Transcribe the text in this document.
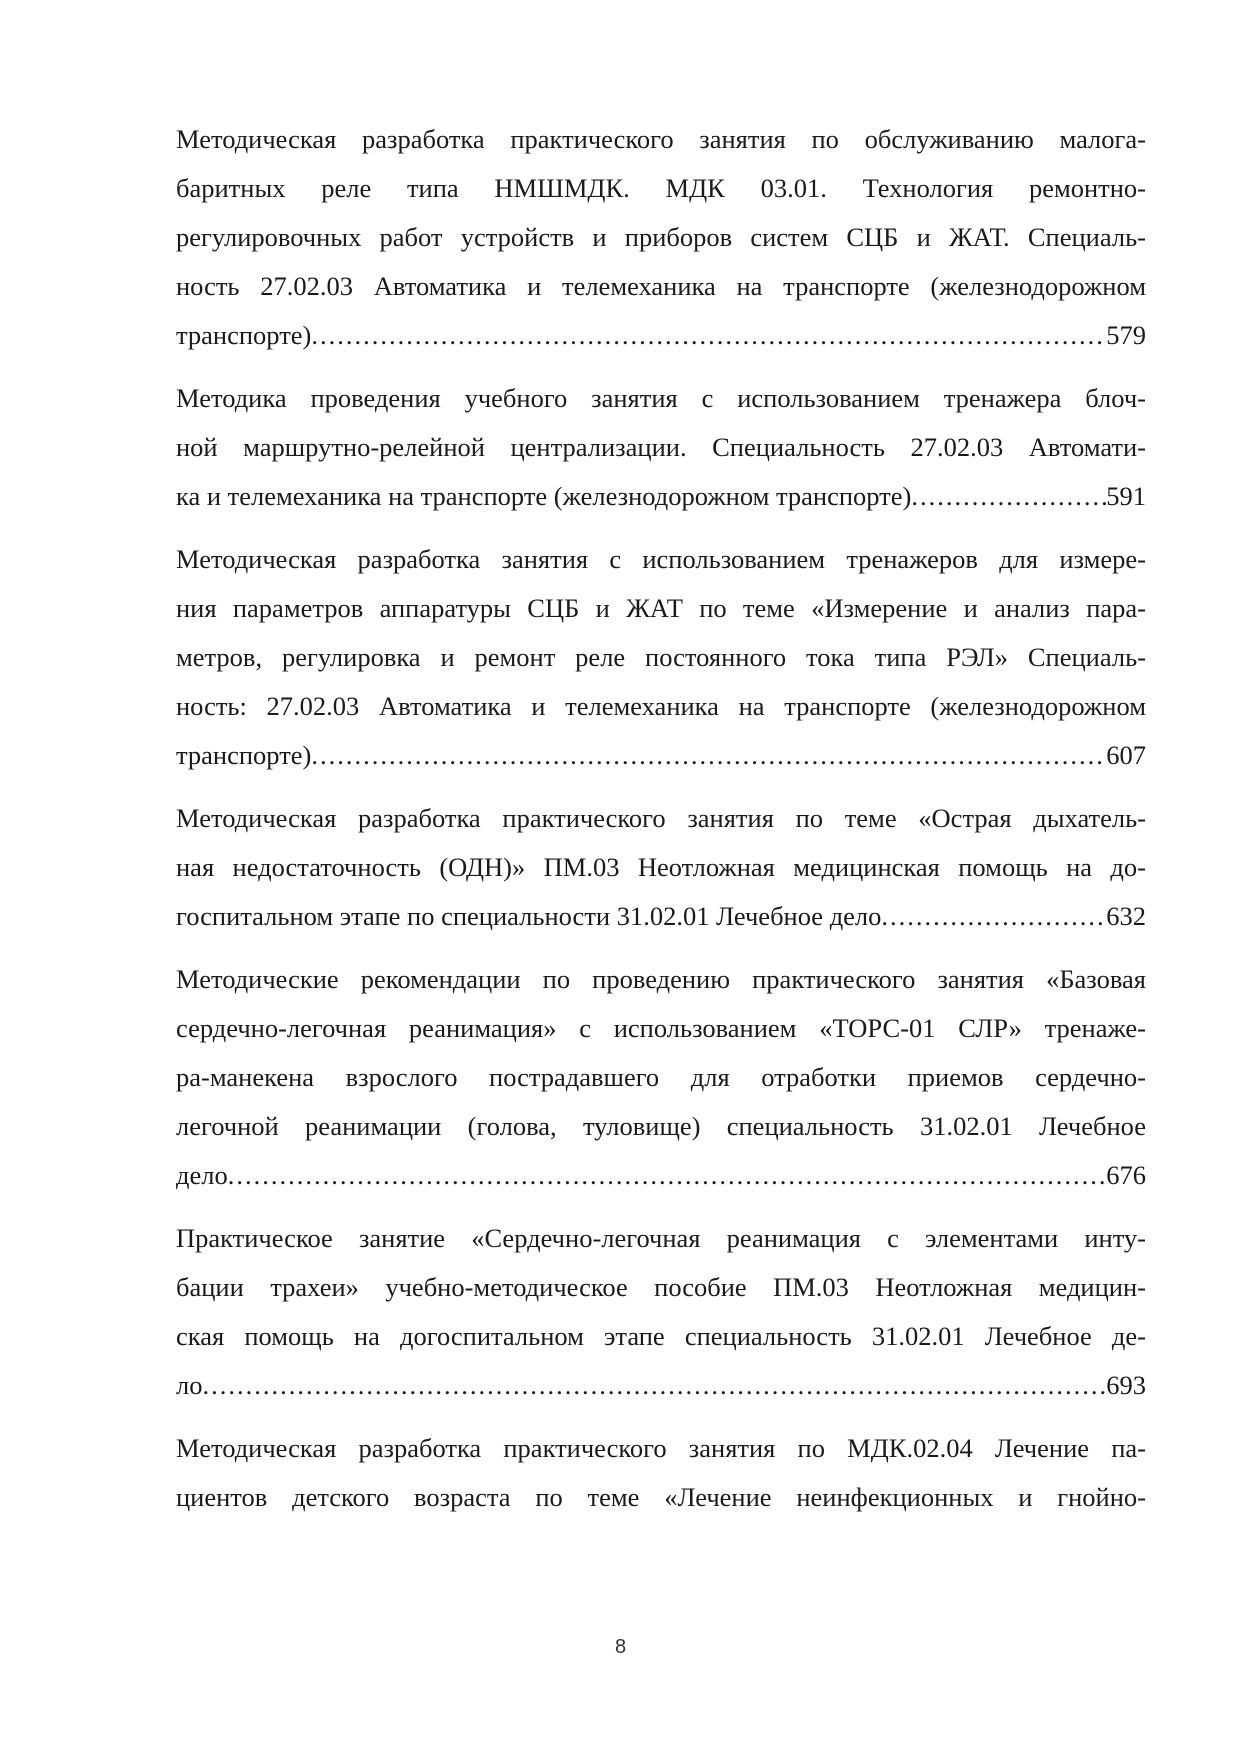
Методическая разработка практического занятия по обслуживанию малога-
баритных реле типа НМШМДК. МДК 03.01. Технология ремонтно-
регулировочных работ устройств и приборов систем СЦБ и ЖАТ. Специаль-
ность 27.02.03 Автоматика и телемеханика на транспорте (железнодорожном
транспорте) .....	579
Методика проведения учебного занятия с использованием тренажера блоч-
ной маршрутно-релейной централизации. Специальность 27.02.03 Автомати-
ка и телемеханика на транспорте (железнодорожном транспорте) .....	591
Методическая разработка занятия с использованием тренажеров для измере-
ния параметров аппаратуры СЦБ и ЖАТ по теме «Измерение и анализ пара-
метров, регулировка и ремонт реле постоянного тока типа РЭЛ» Специаль-
ность: 27.02.03 Автоматика и телемеханика на транспорте (железнодорожном
транспорте) .....	607
Методическая разработка практического занятия по теме «Острая дыхатель-
ная недостаточность (ОДН)» ПМ.03 Неотложная медицинская помощь на до-
госпитальном этапе по специальности 31.02.01 Лечебное дело .....	632
Методические рекомендации по проведению практического занятия «Базовая
сердечно-легочная реанимация» с использованием «ТОРС-01 СЛР» тренаже-
ра-манекена взрослого пострадавшего для отработки приемов сердечно-
легочной реанимации (голова, туловище) специальность 31.02.01 Лечебное
дело .....	676
Практическое занятие «Сердечно-легочная реанимация с элементами инту-
бации трахеи» учебно-методическое пособие ПМ.03 Неотложная медицин-
ская помощь на догоспитальном этапе специальность 31.02.01 Лечебное де-
ло .....	693
Методическая разработка практического занятия по МДК.02.04 Лечение па-
циентов детского возраста по теме «Лечение неинфекционных и гнойно-
8
